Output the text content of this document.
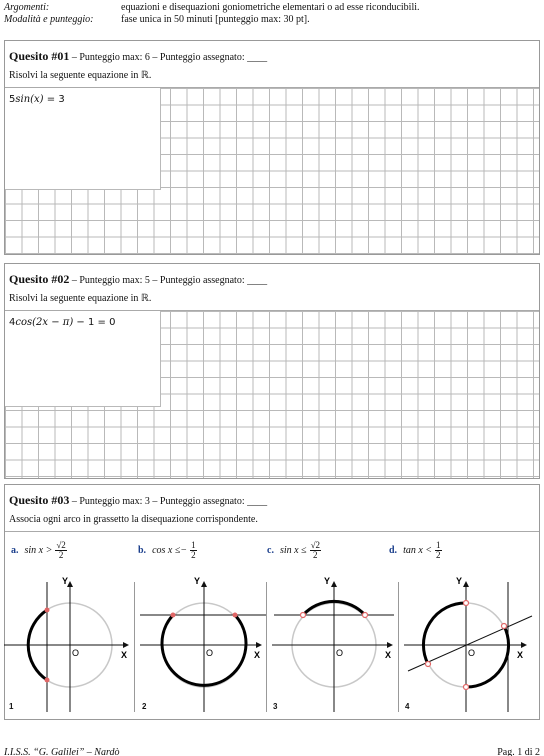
Argomenti:	equazioni e disequazioni goniometriche elementari o ad esse riconducibili.
Modalità e punteggio:	fase unica in 50 minuti [punteggio max: 30 pt].
Quesito #01 – Punteggio max: 6 – Punteggio assegnato: ____
Risolvi la seguente equazione in ℝ.
5sin(x) = 3
Quesito #02 – Punteggio max: 5 – Punteggio assegnato: ____
Risolvi la seguente equazione in ℝ.
4cos(2x − π) − 1 = 0
Quesito #03 – Punteggio max: 3 – Punteggio assegnato: ____
Associa ogni arco in grassetto la disequazione corrispondente.
a. $\sin x > \frac{√2}{2}$	b. $\cos x \le- \frac{1}{2}$	c. $\sin x \le \frac{√2}{2}$	d. $\tan x < \frac{1}{2}$
Y
X
O
Y
X
O
Y
X
O
Y
X
O
1	2	3	4
I.I.S.S. “G. Galilei” – Nardò	Pag. 1 di 2
